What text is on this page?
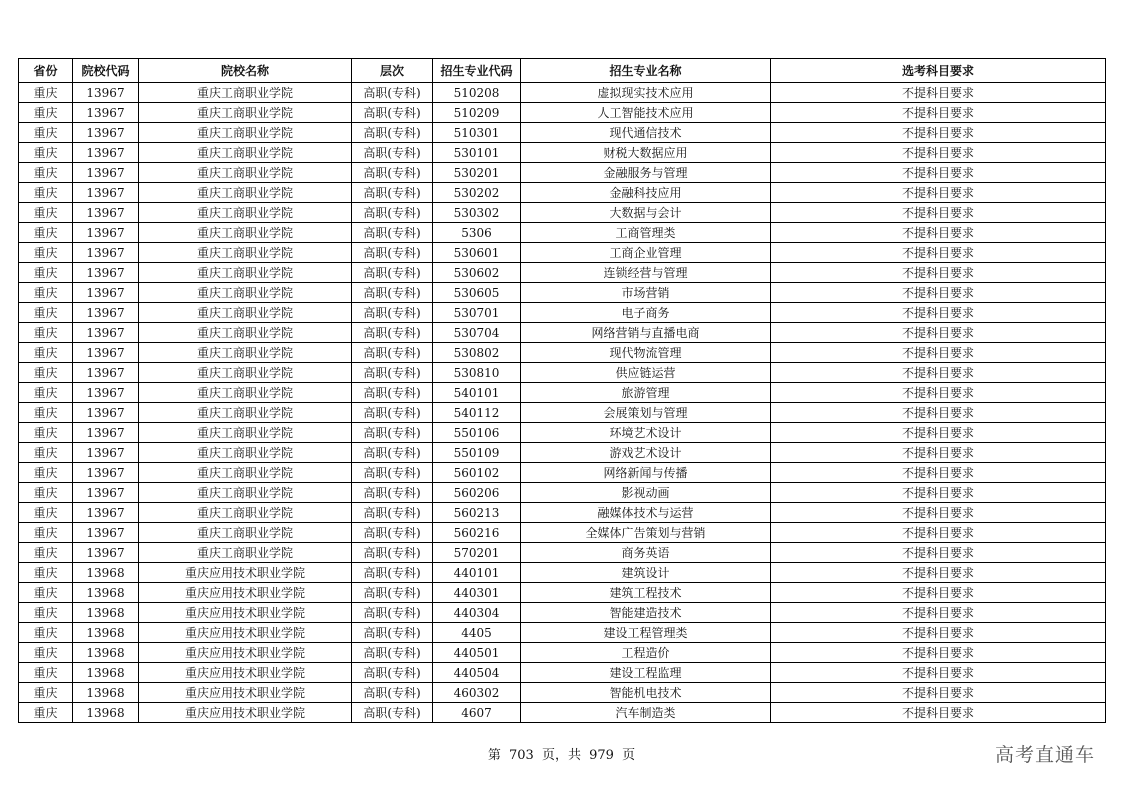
省份	院校代码	院校名称	层次	招生专业代码	招生专业名称	选考科目要求
重庆	13967	重庆工商职业学院	高职(专科)	510208	虚拟现实技术应用	不提科目要求
重庆	13967	重庆工商职业学院	高职(专科)	510209	人工智能技术应用	不提科目要求
重庆	13967	重庆工商职业学院	高职(专科)	510301	现代通信技术	不提科目要求
重庆	13967	重庆工商职业学院	高职(专科)	530101	财税大数据应用	不提科目要求
重庆	13967	重庆工商职业学院	高职(专科)	530201	金融服务与管理	不提科目要求
重庆	13967	重庆工商职业学院	高职(专科)	530202	金融科技应用	不提科目要求
重庆	13967	重庆工商职业学院	高职(专科)	530302	大数据与会计	不提科目要求
重庆	13967	重庆工商职业学院	高职(专科)	5306	工商管理类	不提科目要求
重庆	13967	重庆工商职业学院	高职(专科)	530601	工商企业管理	不提科目要求
重庆	13967	重庆工商职业学院	高职(专科)	530602	连锁经营与管理	不提科目要求
重庆	13967	重庆工商职业学院	高职(专科)	530605	市场营销	不提科目要求
重庆	13967	重庆工商职业学院	高职(专科)	530701	电子商务	不提科目要求
重庆	13967	重庆工商职业学院	高职(专科)	530704	网络营销与直播电商	不提科目要求
重庆	13967	重庆工商职业学院	高职(专科)	530802	现代物流管理	不提科目要求
重庆	13967	重庆工商职业学院	高职(专科)	530810	供应链运营	不提科目要求
重庆	13967	重庆工商职业学院	高职(专科)	540101	旅游管理	不提科目要求
重庆	13967	重庆工商职业学院	高职(专科)	540112	会展策划与管理	不提科目要求
重庆	13967	重庆工商职业学院	高职(专科)	550106	环境艺术设计	不提科目要求
重庆	13967	重庆工商职业学院	高职(专科)	550109	游戏艺术设计	不提科目要求
重庆	13967	重庆工商职业学院	高职(专科)	560102	网络新闻与传播	不提科目要求
重庆	13967	重庆工商职业学院	高职(专科)	560206	影视动画	不提科目要求
重庆	13967	重庆工商职业学院	高职(专科)	560213	融媒体技术与运营	不提科目要求
重庆	13967	重庆工商职业学院	高职(专科)	560216	全媒体广告策划与营销	不提科目要求
重庆	13967	重庆工商职业学院	高职(专科)	570201	商务英语	不提科目要求
重庆	13968	重庆应用技术职业学院	高职(专科)	440101	建筑设计	不提科目要求
重庆	13968	重庆应用技术职业学院	高职(专科)	440301	建筑工程技术	不提科目要求
重庆	13968	重庆应用技术职业学院	高职(专科)	440304	智能建造技术	不提科目要求
重庆	13968	重庆应用技术职业学院	高职(专科)	4405	建设工程管理类	不提科目要求
重庆	13968	重庆应用技术职业学院	高职(专科)	440501	工程造价	不提科目要求
重庆	13968	重庆应用技术职业学院	高职(专科)	440504	建设工程监理	不提科目要求
重庆	13968	重庆应用技术职业学院	高职(专科)	460302	智能机电技术	不提科目要求
重庆	13968	重庆应用技术职业学院	高职(专科)	4607	汽车制造类	不提科目要求
第 703 页，共 979 页	高考直通车
